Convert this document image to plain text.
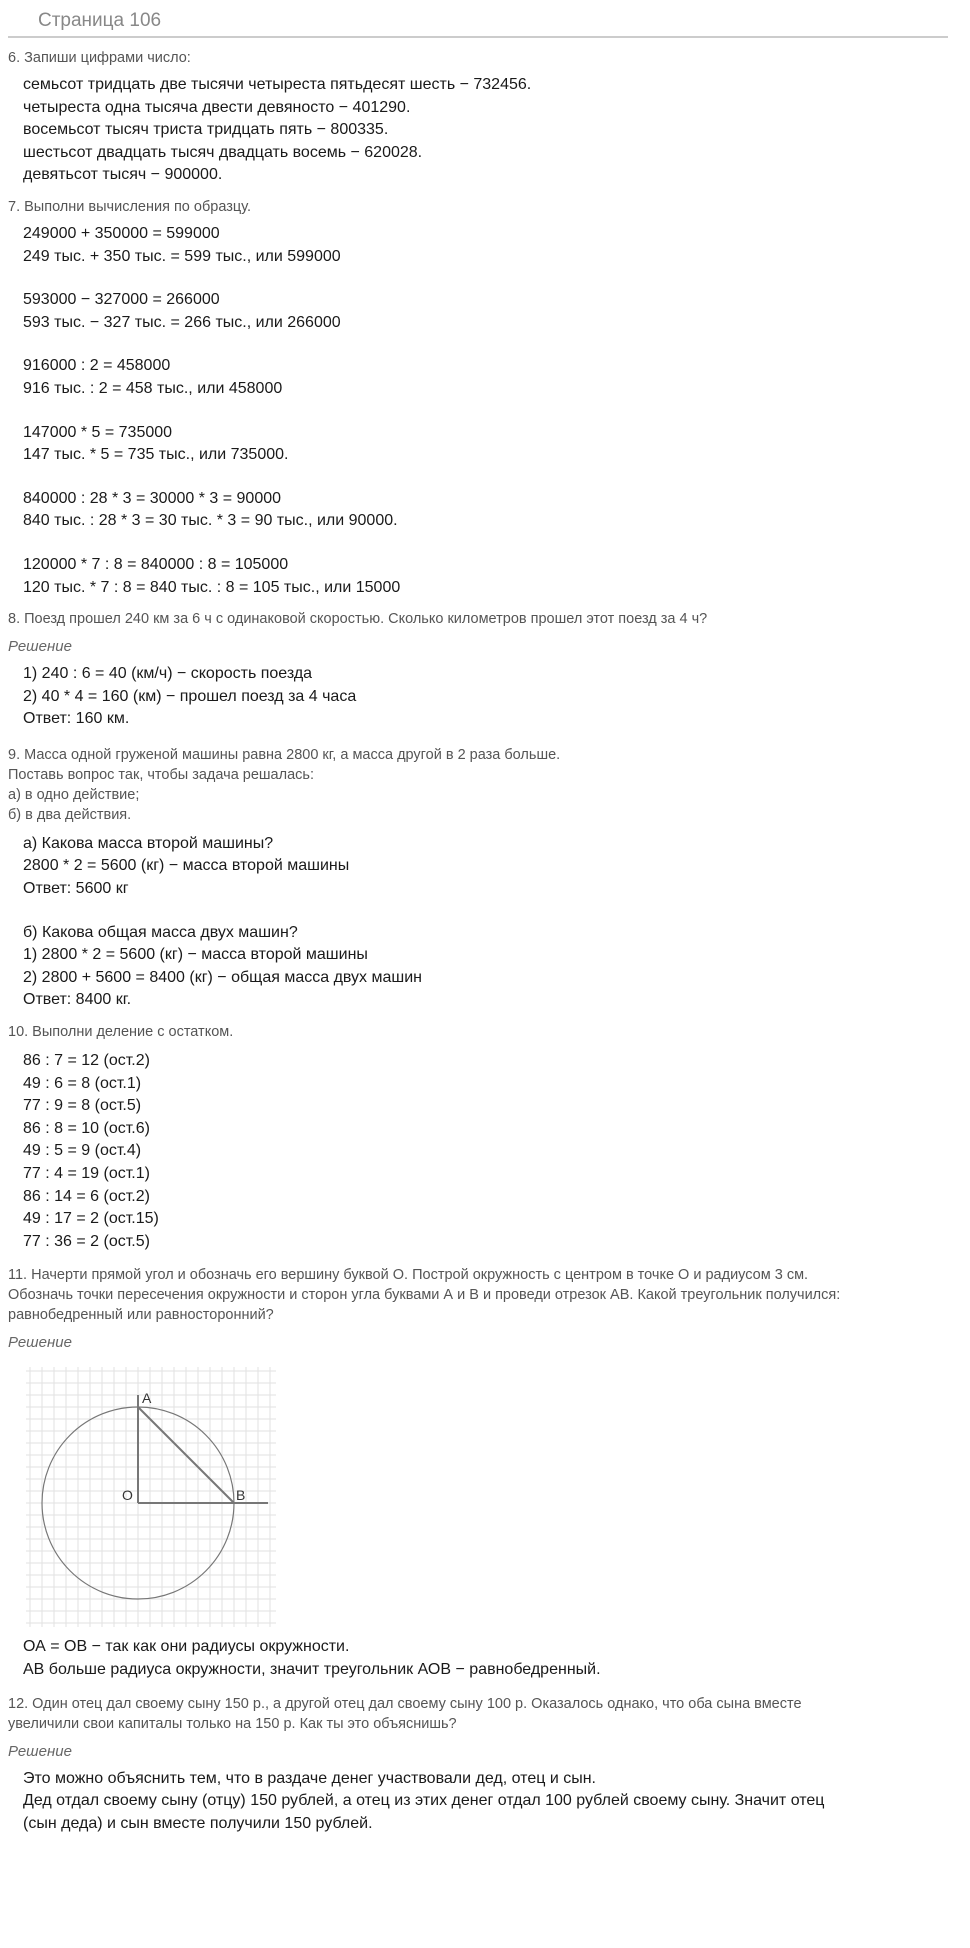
Страница 106

6. Запиши цифрами число:

семьсот тридцать две тысячи четыреста пятьдесят шесть − 732456.
четыреста одна тысяча двести девяносто − 401290.
восемьсот тысяч триста тридцать пять − 800335.
шестьсот двадцать тысяч двадцать восемь − 620028.
девятьсот тысяч − 900000.

7. Выполни вычисления по образцу.

249000 + 350000 = 599000
249 тыс. + 350 тыс. = 599 тыс., или 599000
593000 − 327000 = 266000
593 тыс. − 327 тыс. = 266 тыс., или 266000
916000 : 2 = 458000
916 тыс. : 2 = 458 тыс., или 458000
147000 * 5 = 735000
147 тыс. * 5 = 735 тыс., или 735000.
840000 : 28 * 3 = 30000 * 3 = 90000
840 тыс. : 28 * 3 = 30 тыс. * 3 = 90 тыс., или 90000.
120000 * 7 : 8 = 840000 : 8 = 105000
120 тыс. * 7 : 8 = 840 тыс. : 8 = 105 тыс., или 15000

8. Поезд прошел 240 км за 6 ч с одинаковой скоростью. Сколько километров прошел этот поезд за 4 ч?

Решение
1) 240 : 6 = 40 (км/ч) − скорость поезда
2) 40 * 4 = 160 (км) − прошел поезд за 4 часа
Ответ: 160 км.

9. Масса одной груженой машины равна 2800 кг, а масса другой в 2 раза больше.

Поставь вопрос так, чтобы задача решалась:

а) в одно действие;

б) в два действия.

а) Какова масса второй машины?
2800 * 2 = 5600 (кг) − масса второй машины
Ответ: 5600 кг
б) Какова общая масса двух машин?
1) 2800 * 2 = 5600 (кг) − масса второй машины
2) 2800 + 5600 = 8400 (кг) − общая масса двух машин
Ответ: 8400 кг.

10. Выполни деление с остатком.

86 : 7 = 12 (ост.2)
49 : 6 = 8 (ост.1)
77 : 9 = 8 (ост.5)
86 : 8 = 10 (ост.6)
49 : 5 = 9 (ост.4)
77 : 4 = 19 (ост.1)
86 : 14 = 6 (ост.2)
49 : 17 = 2 (ост.15)
77 : 36 = 2 (ост.5)

11. Начерти прямой угол и обозначь его вершину буквой О. Построй окружность с центром в точке О и радиусом 3 см.

Обозначь точки пересечения окружности и сторон угла буквами А и В и проведи отрезок АВ. Какой треугольник получился:

равнобедренный или равносторонний?

Решение
А
О	В
ОА = ОВ − так как они радиусы окружности.
АВ больше радиуса окружности, значит треугольник АОВ − равнобедренный.

12. Один отец дал своему сыну 150 р., а другой отец дал своему сыну 100 р. Оказалось однако, что оба сына вместе

увеличили свои капиталы только на 150 р. Как ты это объяснишь?

Решение
Это можно объяснить тем, что в раздаче денег участвовали дед, отец и сын.
Дед отдал своему сыну (отцу) 150 рублей, а отец из этих денег отдал 100 рублей своему сыну. Значит отец
(сын деда) и сын вместе получили 150 рублей.
